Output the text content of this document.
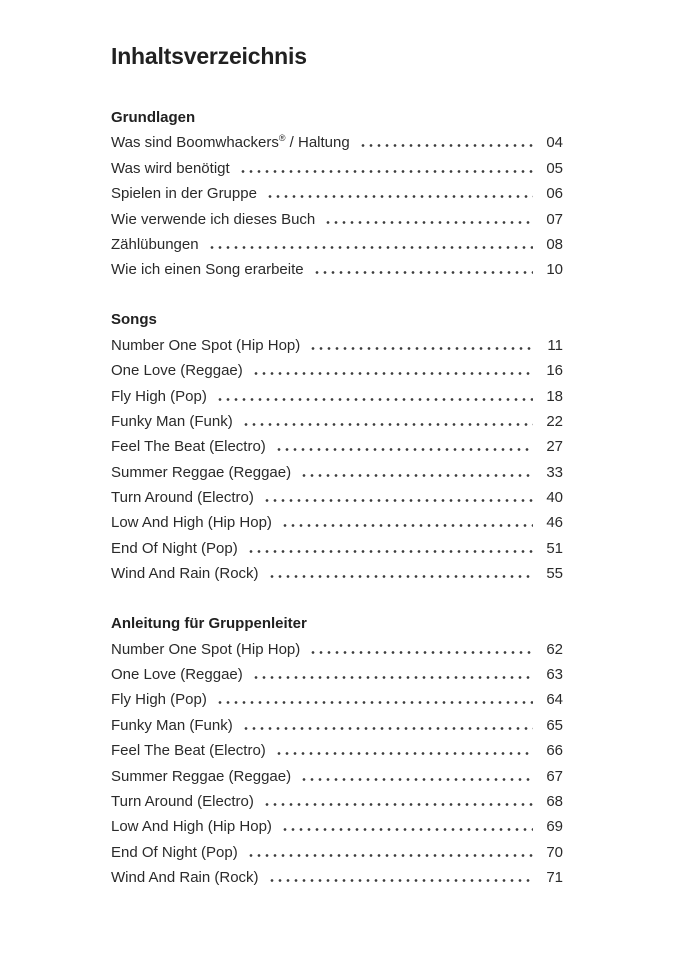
Inhaltsverzeichnis
Grundlagen
Was sind Boomwhackers® / Haltung	04
Was wird benötigt	05
Spielen in der Gruppe	06
Wie verwende ich dieses Buch	07
Zählübungen	08
Wie ich einen Song erarbeite	10
Songs
Number One Spot (Hip Hop)	11
One Love (Reggae)	16
Fly High (Pop)	18
Funky Man (Funk)	22
Feel The Beat (Electro)	27
Summer Reggae (Reggae)	33
Turn Around (Electro)	40
Low And High (Hip Hop)	46
End Of Night (Pop)	51
Wind And Rain (Rock)	55
Anleitung für Gruppenleiter
Number One Spot (Hip Hop)	62
One Love (Reggae)	63
Fly High (Pop)	64
Funky Man (Funk)	65
Feel The Beat (Electro)	66
Summer Reggae (Reggae)	67
Turn Around (Electro)	68
Low And High (Hip Hop)	69
End Of Night (Pop)	70
Wind And Rain (Rock)	71
